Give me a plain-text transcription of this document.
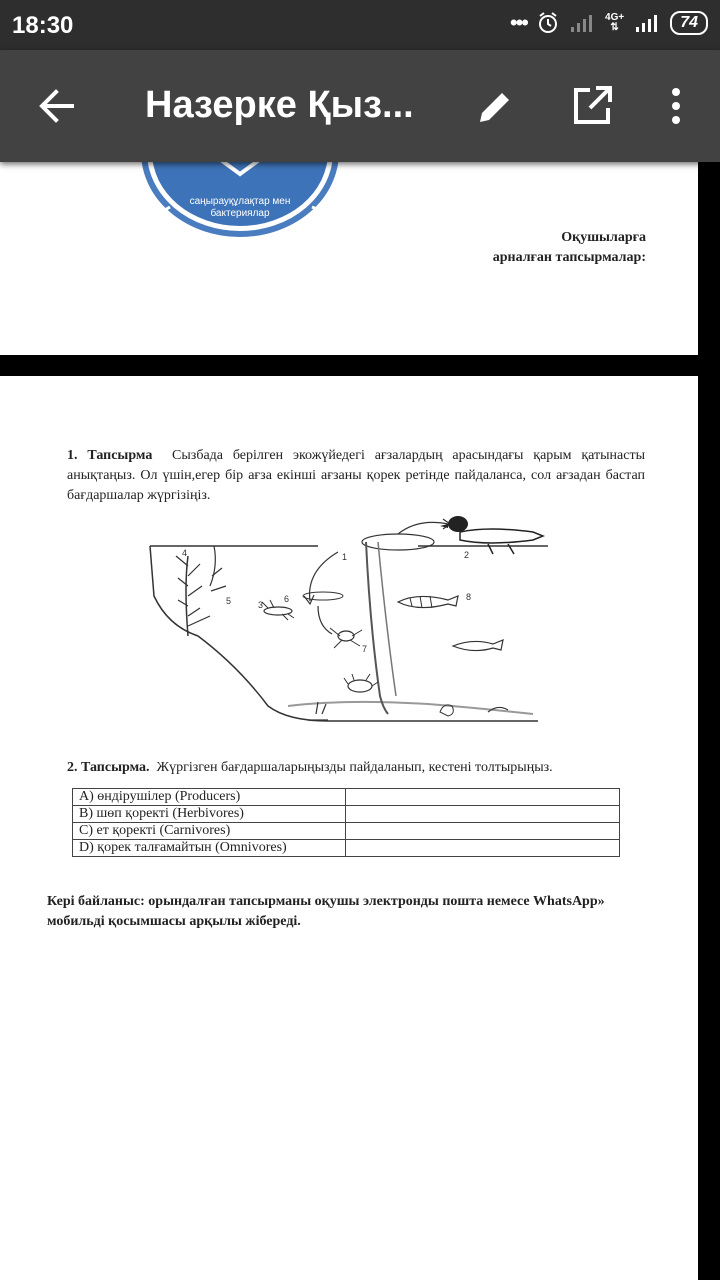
18:30	•••	4G+
⇅	74
Назерке Қыз...
саңырауқұлақтар мен бактериялар
Оқушыларға
арналған тапсырмалар:
1. Тапсырма Сызбада берілген экожүйедегі ағзалардың арасындағы қарым қатынасты анықтаңыз. Ол үшін,егер бір ағза екінші ағзаны қорек ретінде пайдаланса, сол ағзадан бастап бағдаршалар жүргізіңіз.
1	2
3
4
5	6
7
8
2. Тапсырма. Жүргізген бағдаршаларыңызды пайдаланып, кестені толтырыңыз.
A) өндірушілер (Producers)	
B) шөп қоректі (Herbivores)	
C) ет қоректі (Carnivores)	
D) қорек талғамайтын (Omnivores)	
Кері байланыс: орындалған тапсырманы оқушы электронды пошта немесе WhatsApp» мобильді қосымшасы арқылы жібереді.
